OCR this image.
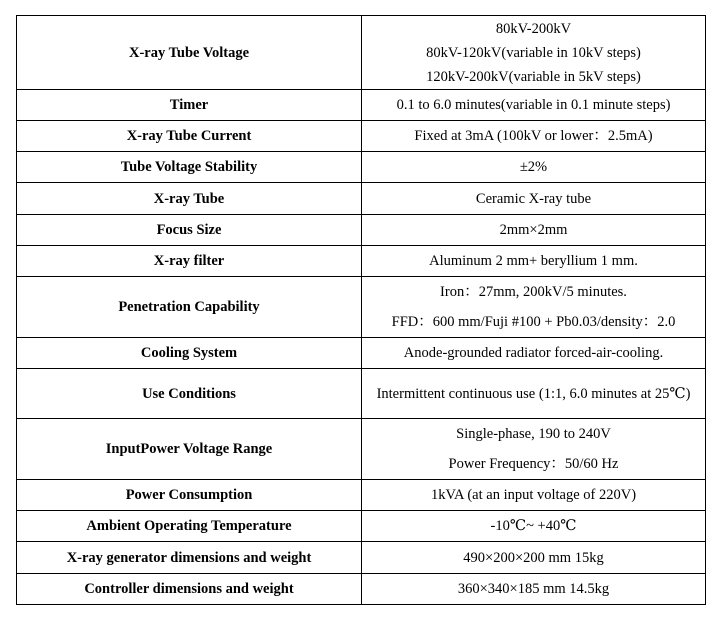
X-ray Tube Voltage	80kV-200kV
80kV-120kV(variable in 10kV steps)
120kV-200kV(variable in 5kV steps)

Timer	0.1 to 6.0 minutes(variable in 0.1 minute steps)
X-ray Tube Current	Fixed at 3mA (100kV or lower：2.5mA)
Tube Voltage Stability	±2%
X-ray Tube	Ceramic X-ray tube
Focus Size	2mm×2mm
X-ray filter	Aluminum 2 mm+ beryllium 1 mm.
Penetration Capability	Iron：27mm, 200kV/5 minutes.
FFD：600 mm/Fuji #100 + Pb0.03/density：2.0

Cooling System	Anode-grounded radiator forced-air-cooling.
Use Conditions	Intermittent continuous use (1:1, 6.0 minutes at 25℃)

InputPower Voltage Range	Single-phase, 190 to 240V
Power Frequency：50/60 Hz

Power Consumption	1kVA (at an input voltage of 220V)
Ambient Operating Temperature	-10℃~ +40℃
X-ray generator dimensions and weight	490×200×200 mm 15kg
Controller dimensions and weight	360×340×185 mm 14.5kg
